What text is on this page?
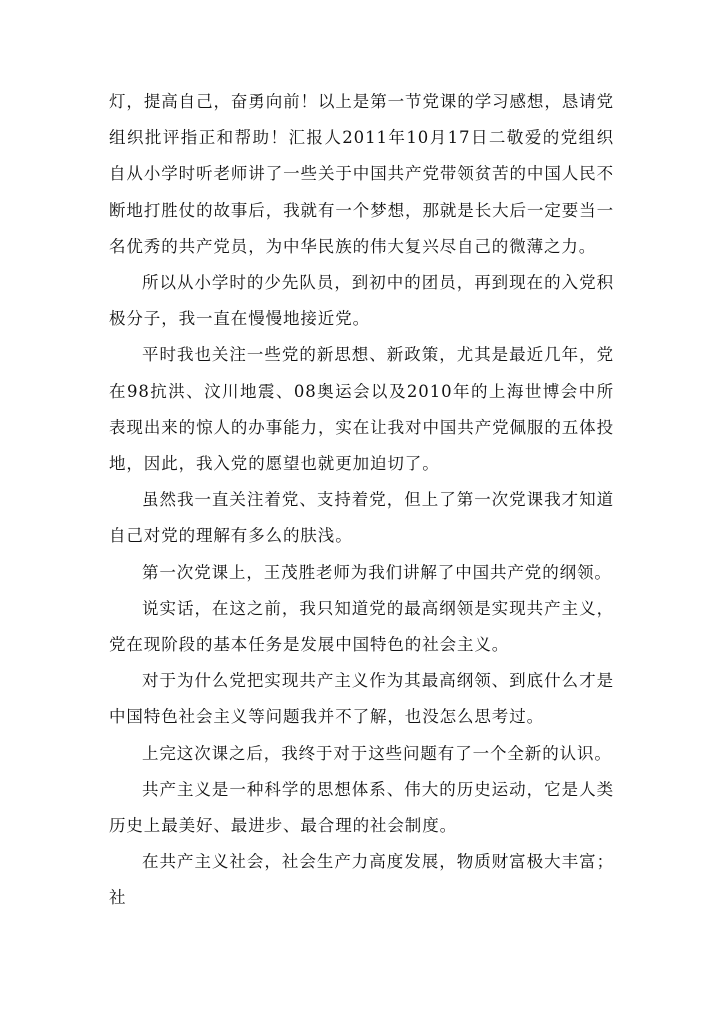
灯，提高自己，奋勇向前！以上是第一节党课的学习感想，恳请党组织批评指正和帮助！汇报人2011年10月17日二敬爱的党组织自从小学时听老师讲了一些关于中国共产党带领贫苦的中国人民不断地打胜仗的故事后，我就有一个梦想，那就是长大后一定要当一名优秀的共产党员，为中华民族的伟大复兴尽自己的微薄之力。

所以从小学时的少先队员，到初中的团员，再到现在的入党积极分子，我一直在慢慢地接近党。

平时我也关注一些党的新思想、新政策，尤其是最近几年，党在98抗洪、汶川地震、08奥运会以及2010年的上海世博会中所表现出来的惊人的办事能力，实在让我对中国共产党佩服的五体投地，因此，我入党的愿望也就更加迫切了。

虽然我一直关注着党、支持着党，但上了第一次党课我才知道自己对党的理解有多么的肤浅。

第一次党课上，王茂胜老师为我们讲解了中国共产党的纲领。

说实话，在这之前，我只知道党的最高纲领是实现共产主义，党在现阶段的基本任务是发展中国特色的社会主义。

对于为什么党把实现共产主义作为其最高纲领、到底什么才是中国特色社会主义等问题我并不了解，也没怎么思考过。

上完这次课之后，我终于对于这些问题有了一个全新的认识。

共产主义是一种科学的思想体系、伟大的历史运动，它是人类历史上最美好、最进步、最合理的社会制度。

在共产主义社会，社会生产力高度发展，物质财富极大丰富；社
